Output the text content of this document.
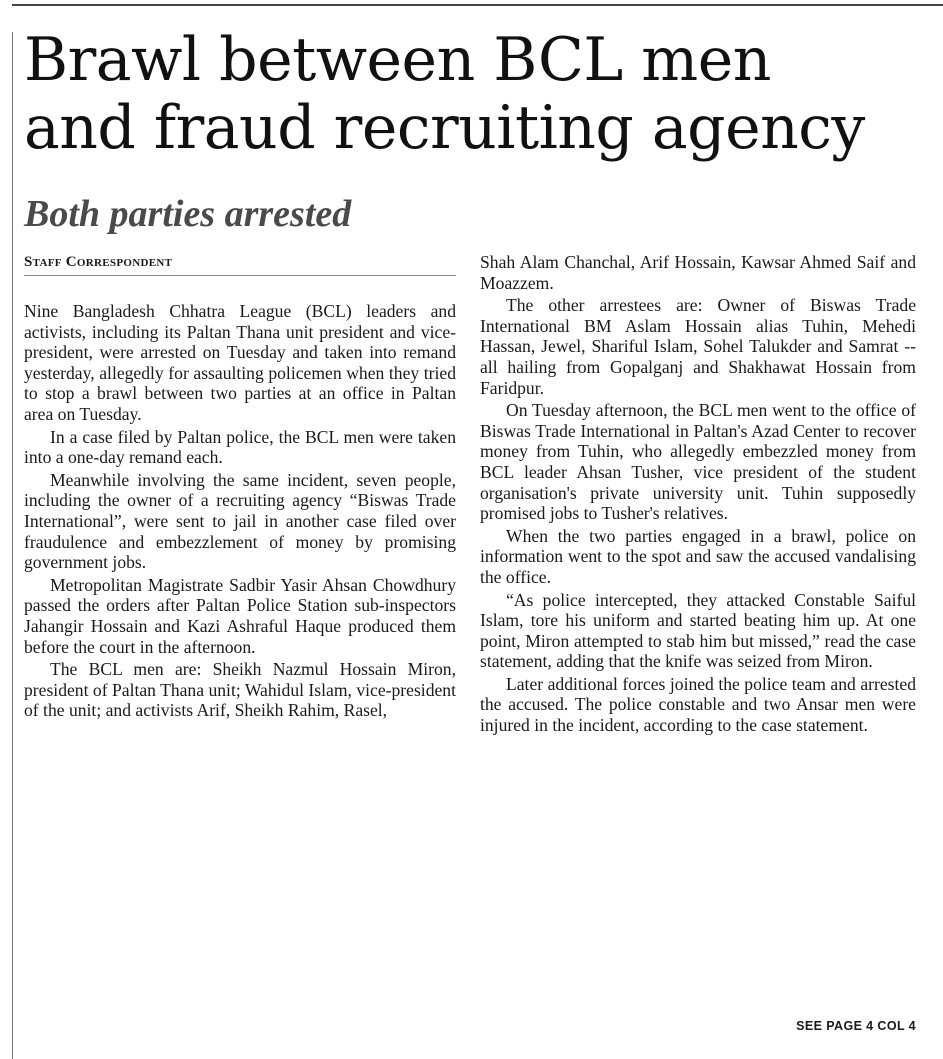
Brawl between BCL men
and fraud recruiting agency
Both parties arrested
Staff Correspondent

Nine Bangladesh Chhatra League (BCL) leaders and activists, including its Paltan Thana unit president and vice-president, were arrested on Tuesday and taken into remand yesterday, allegedly for assaulting policemen when they tried to stop a brawl between two parties at an office in Paltan area on Tuesday.

In a case filed by Paltan police, the BCL men were taken into a one-day remand each.

Meanwhile involving the same incident, seven people, including the owner of a recruiting agency “Biswas Trade International”, were sent to jail in another case filed over fraudulence and embezzlement of money by promising government jobs.

Metropolitan Magistrate Sadbir Yasir Ahsan Chowdhury passed the orders after Paltan Police Station sub-inspectors Jahangir Hossain and Kazi Ashraful Haque produced them before the court in the afternoon.

The BCL men are: Sheikh Nazmul Hossain Miron, president of Paltan Thana unit; Wahidul Islam, vice-president of the unit; and activists Arif, Sheikh Rahim, Rasel,

Shah Alam Chanchal, Arif Hossain, Kawsar Ahmed Saif and Moazzem.

The other arrestees are: Owner of Biswas Trade International BM Aslam Hossain alias Tuhin, Mehedi Hassan, Jewel, Shariful Islam, Sohel Talukder and Samrat -- all hailing from Gopalganj and Shakhawat Hossain from Faridpur.

On Tuesday afternoon, the BCL men went to the office of Biswas Trade International in Paltan's Azad Center to recover money from Tuhin, who allegedly embezzled money from BCL leader Ahsan Tusher, vice president of the student organisation's private university unit. Tuhin supposedly promised jobs to Tusher's relatives.

When the two parties engaged in a brawl, police on information went to the spot and saw the accused vandalising the office.

“As police intercepted, they attacked Constable Saiful Islam, tore his uniform and started beating him up. At one point, Miron attempted to stab him but missed,” read the case statement, adding that the knife was seized from Miron.

Later additional forces joined the police team and arrested the accused. The police constable and two Ansar men were injured in the incident, according to the case statement.

SEE PAGE 4 COL 4
